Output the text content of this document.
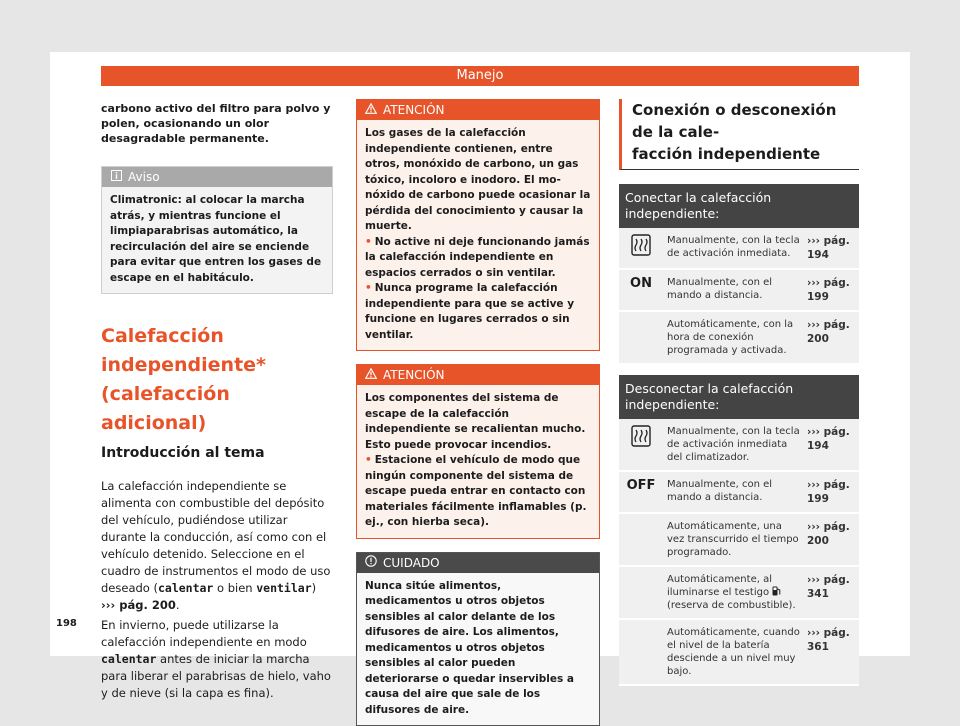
Manejo

carbono activo del filtro para polvo y polen, ocasionando un olor desagradable permanente.

Aviso
Climatronic: al colocar la marcha atrás, y mientras funcione el limpiaparabrisas automático, la recirculación del aire se enciende para evitar que entren los gases de escape en el habitáculo.
Calefacción independiente*
(calefacción adicional)
Introducción al tema

La calefacción independiente se alimenta con combustible del depósito del vehículo, pudiéndose utilizar durante la conducción, así como con el vehículo detenido. Seleccione en el cuadro de instrumentos el modo de uso deseado (calentar o bien ventilar)
››› pág. 200.

En invierno, puede utilizarse la calefacción independiente en modo calentar antes de iniciar la marcha para liberar el parabrisas de hielo, vaho y de nieve (si la capa es fina).

ATENCIÓN
Los gases de la calefacción independiente contienen, entre otros, monóxido de carbono, un gas tóxico, incoloro e inodoro. El monóxido de carbono puede ocasionar la pérdida del conocimiento y causar la muerte.
• No active ni deje funcionando jamás la calefacción independiente en espacios cerrados o sin ventilar.
• Nunca programe la calefacción independiente para que se active y funcione en lugares cerrados o sin ventilar.
ATENCIÓN
Los componentes del sistema de escape de la calefacción independiente se recalientan mucho. Esto puede provocar incendios.
• Estacione el vehículo de modo que ningún componente del sistema de escape pueda entrar en contacto con materiales fácilmente inflamables (p. ej., con hierba seca).
CUIDADO
Nunca sitúe alimentos, medicamentos u otros objetos sensibles al calor delante de los difusores de aire. Los alimentos, medicamentos u otros objetos sensibles al calor pueden deteriorarse o quedar inservibles a causa del aire que sale de los difusores de aire.
Conexión o desconexión de la cale-
facción independiente
Conectar la calefacción independiente:
Manualmente, con la tecla de activación inmediata.
››› pág.
194
ON	Manualmente, con el mando a distancia.
››› pág.
199
Automáticamente, con la hora de conexión programada y activada.
››› pág.
200
Desconectar la calefacción independiente:
Manualmente, con la tecla de activación inmediata del climatizador.
››› pág.
194
OFF	Manualmente, con el mando a distancia.
››› pág.
199
Automáticamente, una vez transcurrido el tiempo programado.
››› pág.
200
Automáticamente, al iluminarse el testigo  (reserva de combustible).
››› pág.
341
Automáticamente, cuando el nivel de la batería desciende a un nivel muy bajo.
››› pág.
361
198
